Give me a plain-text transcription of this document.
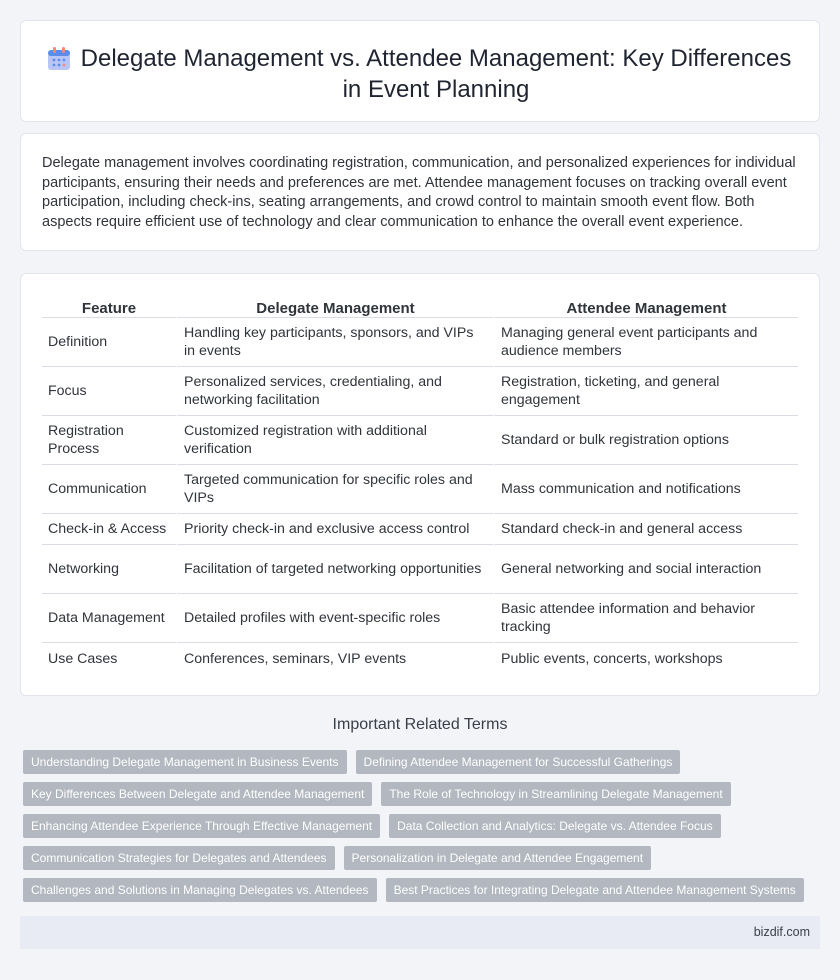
Delegate Management vs. Attendee Management: Key Differences in Event Planning

Delegate management involves coordinating registration, communication, and personalized experiences for individual participants, ensuring their needs and preferences are met. Attendee management focuses on tracking overall event participation, including check-ins, seating arrangements, and crowd control to maintain smooth event flow. Both aspects require efficient use of technology and clear communication to enhance the overall event experience.

Feature	Delegate Management	Attendee Management
Definition	Handling key participants, sponsors, and VIPs in events	Managing general event participants and audience members
Focus	Personalized services, credentialing, and networking facilitation	Registration, ticketing, and general engagement
Registration Process	Customized registration with additional verification	Standard or bulk registration options
Communication	Targeted communication for specific roles and VIPs	Mass communication and notifications
Check-in & Access	Priority check-in and exclusive access control	Standard check-in and general access
Networking	Facilitation of targeted networking opportunities	General networking and social interaction
Data Management	Detailed profiles with event-specific roles	Basic attendee information and behavior tracking
Use Cases	Conferences, seminars, VIP events	Public events, concerts, workshops
Important Related Terms
Understanding Delegate Management in Business Events	Defining Attendee Management for Successful Gatherings
Key Differences Between Delegate and Attendee Management	The Role of Technology in Streamlining Delegate Management
Enhancing Attendee Experience Through Effective Management	Data Collection and Analytics: Delegate vs. Attendee Focus
Communication Strategies for Delegates and Attendees	Personalization in Delegate and Attendee Engagement
Challenges and Solutions in Managing Delegates vs. Attendees	Best Practices for Integrating Delegate and Attendee Management Systems
bizdif.com
